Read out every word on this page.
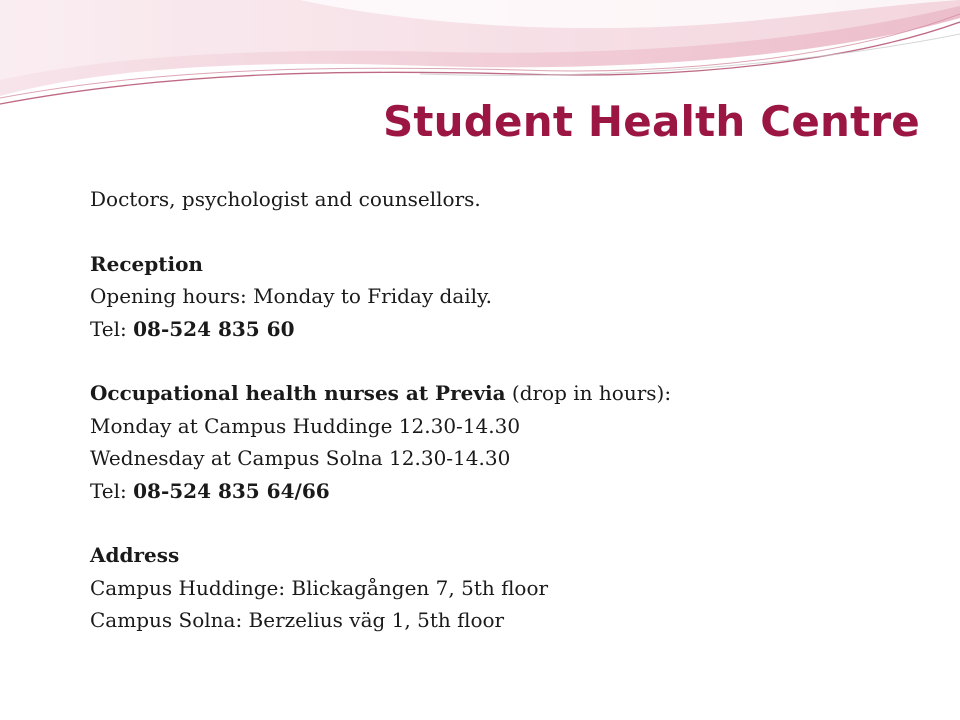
Student Health Centre
Doctors, psychologist and counsellors.
Reception
Opening hours: Monday to Friday daily.
Tel: 08-524 835 60
Occupational health nurses at Previa (drop in hours):
Monday at Campus Huddinge 12.30-14.30
Wednesday at Campus Solna 12.30-14.30
Tel: 08-524 835 64/66
Address
Campus Huddinge: Blickagången 7, 5th floor
Campus Solna: Berzelius väg 1, 5th floor
